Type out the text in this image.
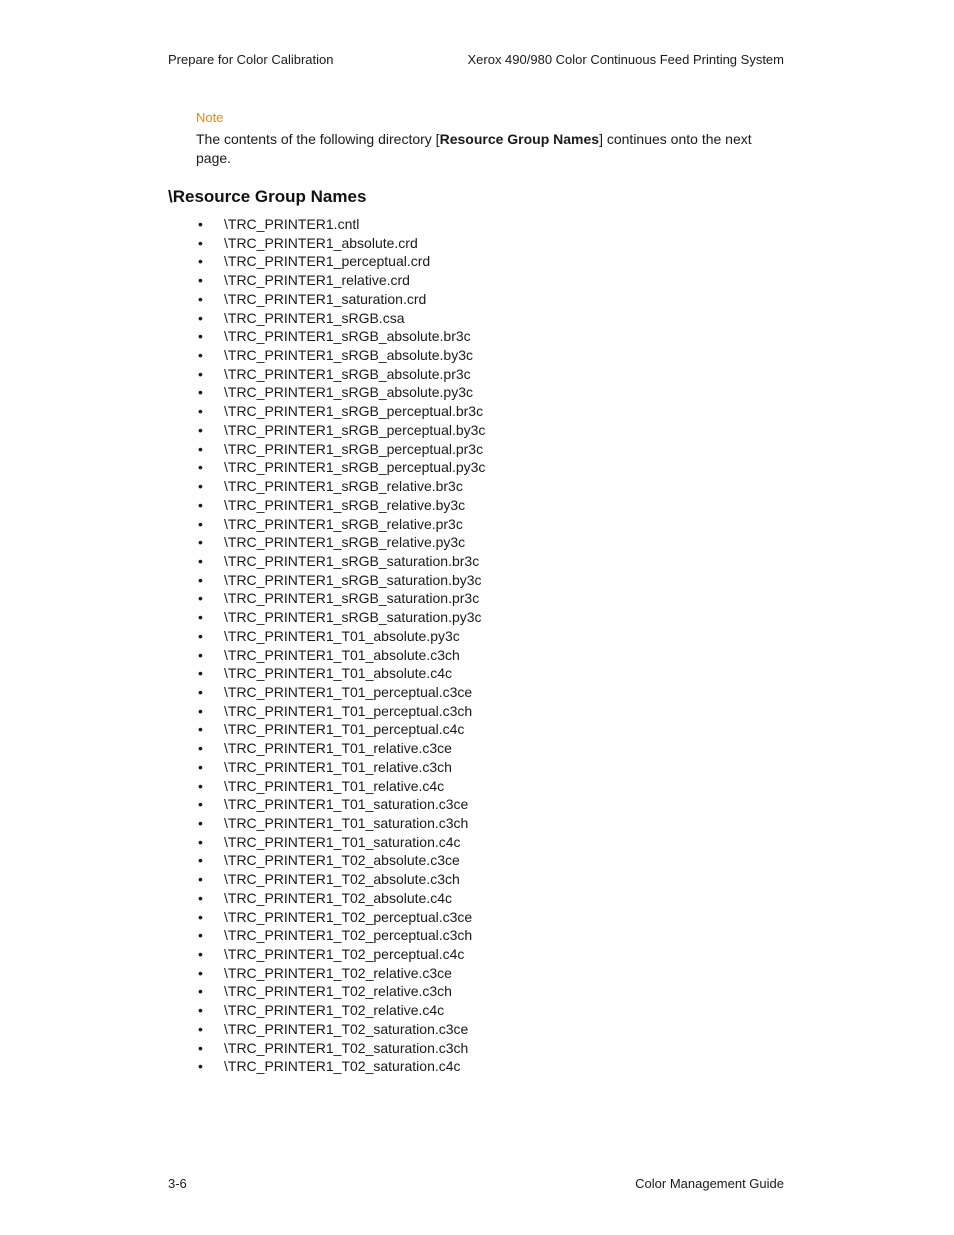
Prepare for Color Calibration	Xerox 490/980 Color Continuous Feed Printing System
Note
The contents of the following directory [Resource Group Names] continues onto the next page.
\Resource Group Names
• \TRC_PRINTER1.cntl
• \TRC_PRINTER1_absolute.crd
• \TRC_PRINTER1_perceptual.crd
• \TRC_PRINTER1_relative.crd
• \TRC_PRINTER1_saturation.crd
• \TRC_PRINTER1_sRGB.csa
• \TRC_PRINTER1_sRGB_absolute.br3c
• \TRC_PRINTER1_sRGB_absolute.by3c
• \TRC_PRINTER1_sRGB_absolute.pr3c
• \TRC_PRINTER1_sRGB_absolute.py3c
• \TRC_PRINTER1_sRGB_perceptual.br3c
• \TRC_PRINTER1_sRGB_perceptual.by3c
• \TRC_PRINTER1_sRGB_perceptual.pr3c
• \TRC_PRINTER1_sRGB_perceptual.py3c
• \TRC_PRINTER1_sRGB_relative.br3c
• \TRC_PRINTER1_sRGB_relative.by3c
• \TRC_PRINTER1_sRGB_relative.pr3c
• \TRC_PRINTER1_sRGB_relative.py3c
• \TRC_PRINTER1_sRGB_saturation.br3c
• \TRC_PRINTER1_sRGB_saturation.by3c
• \TRC_PRINTER1_sRGB_saturation.pr3c
• \TRC_PRINTER1_sRGB_saturation.py3c
• \TRC_PRINTER1_T01_absolute.py3c
• \TRC_PRINTER1_T01_absolute.c3ch
• \TRC_PRINTER1_T01_absolute.c4c
• \TRC_PRINTER1_T01_perceptual.c3ce
• \TRC_PRINTER1_T01_perceptual.c3ch
• \TRC_PRINTER1_T01_perceptual.c4c
• \TRC_PRINTER1_T01_relative.c3ce
• \TRC_PRINTER1_T01_relative.c3ch
• \TRC_PRINTER1_T01_relative.c4c
• \TRC_PRINTER1_T01_saturation.c3ce
• \TRC_PRINTER1_T01_saturation.c3ch
• \TRC_PRINTER1_T01_saturation.c4c
• \TRC_PRINTER1_T02_absolute.c3ce
• \TRC_PRINTER1_T02_absolute.c3ch
• \TRC_PRINTER1_T02_absolute.c4c
• \TRC_PRINTER1_T02_perceptual.c3ce
• \TRC_PRINTER1_T02_perceptual.c3ch
• \TRC_PRINTER1_T02_perceptual.c4c
• \TRC_PRINTER1_T02_relative.c3ce
• \TRC_PRINTER1_T02_relative.c3ch
• \TRC_PRINTER1_T02_relative.c4c
• \TRC_PRINTER1_T02_saturation.c3ce
• \TRC_PRINTER1_T02_saturation.c3ch
• \TRC_PRINTER1_T02_saturation.c4c
3-6	Color Management Guide
